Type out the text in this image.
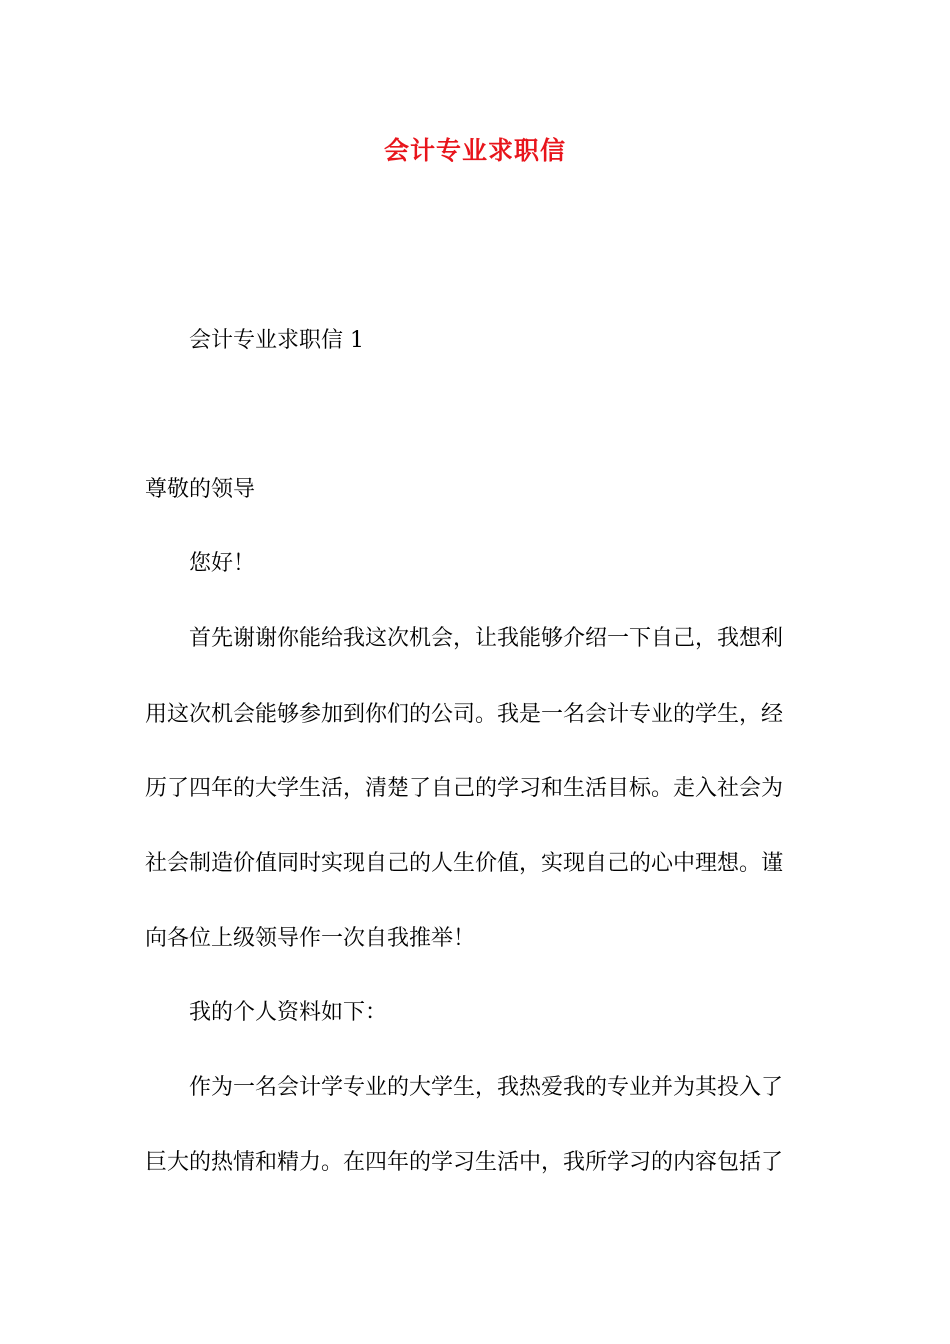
会计专业求职信
会计专业求职信 1
尊敬的领导
您好！
首先谢谢你能给我这次机会，让我能够介绍一下自己，我想利
用这次机会能够参加到你们的公司。我是一名会计专业的学生，经
历了四年的大学生活，清楚了自己的学习和生活目标。走入社会为
社会制造价值同时实现自己的人生价值，实现自己的心中理想。谨
向各位上级领导作一次自我推举！
我的个人资料如下：
作为一名会计学专业的大学生，我热爱我的专业并为其投入了
巨大的热情和精力。在四年的学习生活中，我所学习的内容包括了
